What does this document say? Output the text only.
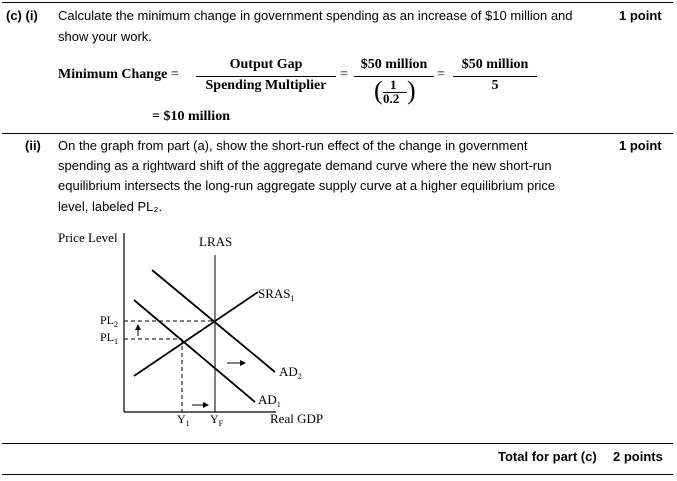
(c) (i) Calculate the minimum change in government spending as an increase of $10 million and
show your work.
1 point
Minimum Change =
Output Gap
Spending Multiplier
=
$50 million
( 1
0.2 )
=
$50 million
5
= $10 million
(ii) On the graph from part (a), show the short-run effect of the change in government
spending as a rightward shift of the aggregate demand curve where the new short-run
equilibrium intersects the long-run aggregate supply curve at a higher equilibrium price
level, labeled PL₂.
1 point
Price Level	LRAS
$SRAS_1$
$AD_2$
$AD_1$
$PL_2$
$PL_1$
$Y_1$ $Y_F$	Real GDP
Total for part (c) 2 points
